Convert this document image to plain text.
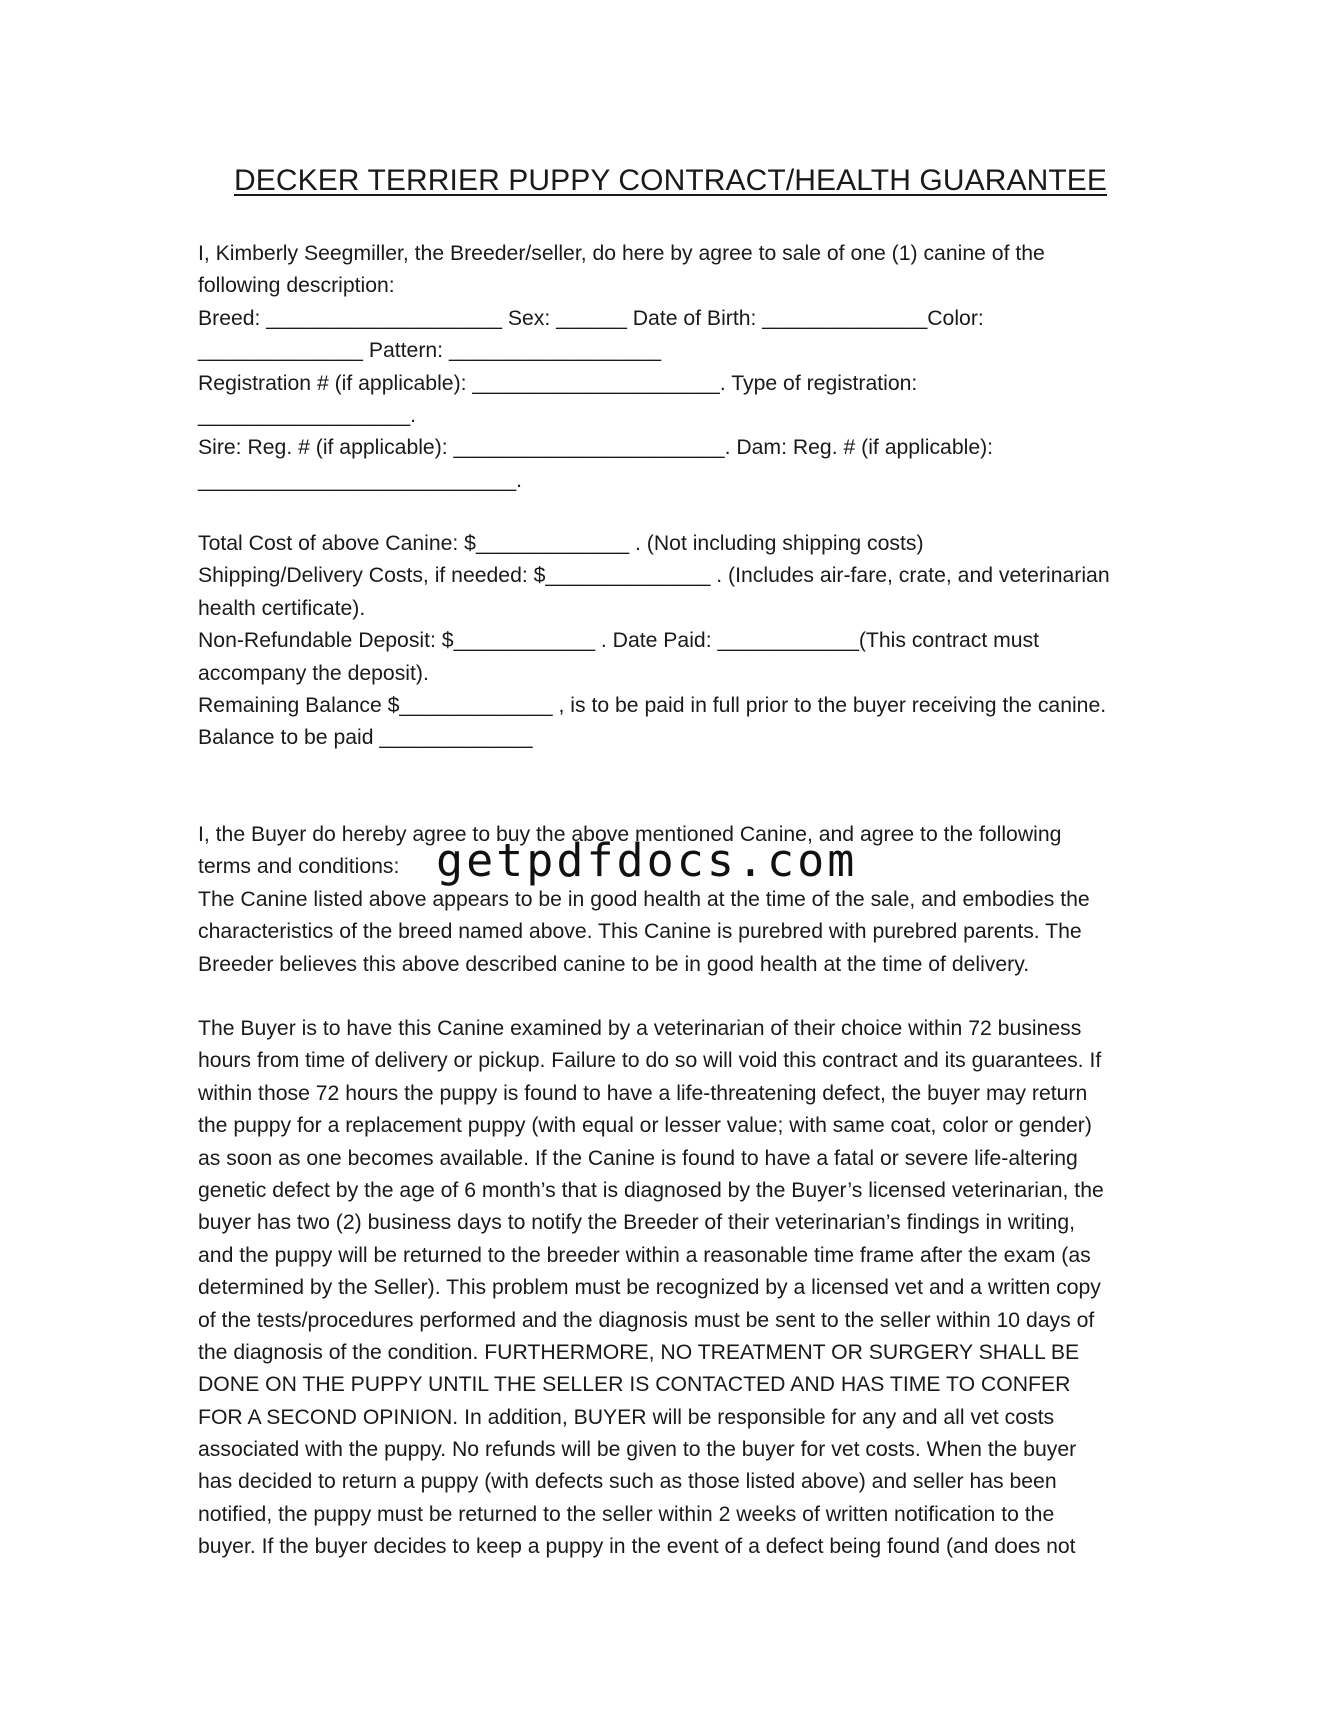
DECKER TERRIER PUPPY CONTRACT/HEALTH GUARANTEE
I, Kimberly Seegmiller, the Breeder/seller, do here by agree to sale of one (1) canine of the
following description:
Breed: ____________________ Sex: ______ Date of Birth: ______________Color:
______________ Pattern: __________________
Registration # (if applicable): _____________________. Type of registration:
__________________.
Sire: Reg. # (if applicable): _______________________. Dam: Reg. # (if applicable):
___________________________.
Total Cost of above Canine: $_____________ . (Not including shipping costs)
Shipping/Delivery Costs, if needed: $______________ . (Includes air-fare, crate, and veterinarian
health certificate).
Non-Refundable Deposit: $____________ . Date Paid: ____________(This contract must
accompany the deposit).
Remaining Balance $_____________ , is to be paid in full prior to the buyer receiving the canine.
Balance to be paid _____________
I, the Buyer do hereby agree to buy the above mentioned Canine, and agree to the following
terms and conditions:
The Canine listed above appears to be in good health at the time of the sale, and embodies the
characteristics of the breed named above. This Canine is purebred with purebred parents. The
Breeder believes this above described canine to be in good health at the time of delivery.
The Buyer is to have this Canine examined by a veterinarian of their choice within 72 business
hours from time of delivery or pickup. Failure to do so will void this contract and its guarantees. If
within those 72 hours the puppy is found to have a life-threatening defect, the buyer may return
the puppy for a replacement puppy (with equal or lesser value; with same coat, color or gender)
as soon as one becomes available. If the Canine is found to have a fatal or severe life-altering
genetic defect by the age of 6 month’s that is diagnosed by the Buyer’s licensed veterinarian, the
buyer has two (2) business days to notify the Breeder of their veterinarian’s findings in writing,
and the puppy will be returned to the breeder within a reasonable time frame after the exam (as
determined by the Seller). This problem must be recognized by a licensed vet and a written copy
of the tests/procedures performed and the diagnosis must be sent to the seller within 10 days of
the diagnosis of the condition. FURTHERMORE, NO TREATMENT OR SURGERY SHALL BE
DONE ON THE PUPPY UNTIL THE SELLER IS CONTACTED AND HAS TIME TO CONFER
FOR A SECOND OPINION. In addition, BUYER will be responsible for any and all vet costs
associated with the puppy. No refunds will be given to the buyer for vet costs. When the buyer
has decided to return a puppy (with defects such as those listed above) and seller has been
notified, the puppy must be returned to the seller within 2 weeks of written notification to the
buyer. If the buyer decides to keep a puppy in the event of a defect being found (and does not
getpdfdocs.com
